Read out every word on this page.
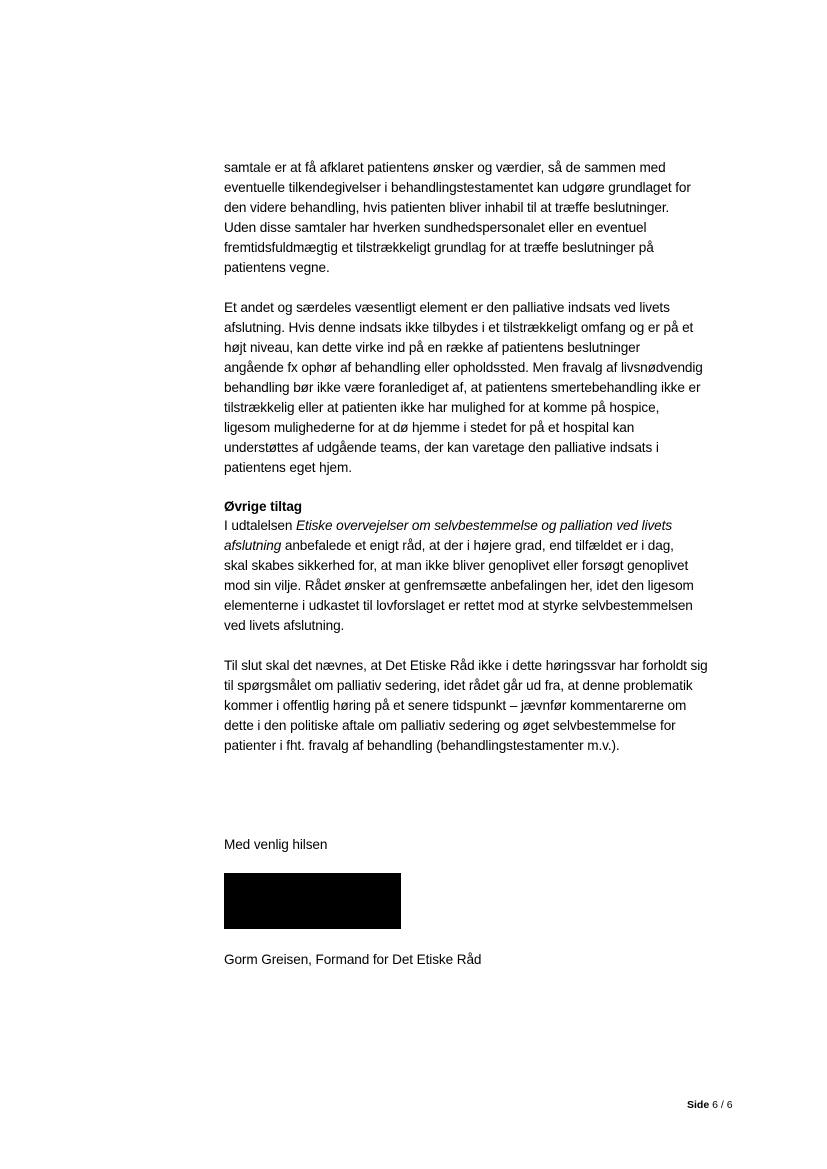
samtale er at få afklaret patientens ønsker og værdier, så de sammen med
eventuelle tilkendegivelser i behandlingstestamentet kan udgøre grundlaget for
den videre behandling, hvis patienten bliver inhabil til at træffe beslutninger.
Uden disse samtaler har hverken sundhedspersonalet eller en eventuel
fremtidsfuldmægtig et tilstrækkeligt grundlag for at træffe beslutninger på
patientens vegne.
Et andet og særdeles væsentligt element er den palliative indsats ved livets
afslutning. Hvis denne indsats ikke tilbydes i et tilstrækkeligt omfang og er på et
højt niveau, kan dette virke ind på en række af patientens beslutninger
angående fx ophør af behandling eller opholdssted. Men fravalg af livsnødvendig
behandling bør ikke være foranlediget af, at patientens smertebehandling ikke er
tilstrækkelig eller at patienten ikke har mulighed for at komme på hospice,
ligesom mulighederne for at dø hjemme i stedet for på et hospital kan
understøttes af udgående teams, der kan varetage den palliative indsats i
patientens eget hjem.
Øvrige tiltag
I udtalelsen Etiske overvejelser om selvbestemmelse og palliation ved livets
afslutning anbefalede et enigt råd, at der i højere grad, end tilfældet er i dag,
skal skabes sikkerhed for, at man ikke bliver genoplivet eller forsøgt genoplivet
mod sin vilje. Rådet ønsker at genfremsætte anbefalingen her, idet den ligesom
elementerne i udkastet til lovforslaget er rettet mod at styrke selvbestemmelsen
ved livets afslutning.
Til slut skal det nævnes, at Det Etiske Råd ikke i dette høringssvar har forholdt sig
til spørgsmålet om palliativ sedering, idet rådet går ud fra, at denne problematik
kommer i offentlig høring på et senere tidspunkt – jævnfør kommentarerne om
dette i den politiske aftale om palliativ sedering og øget selvbestemmelse for
patienter i fht. fravalg af behandling (behandlingstestamenter m.v.).
Med venlig hilsen
Gorm Greisen, Formand for Det Etiske Råd
Side 6 / 6
